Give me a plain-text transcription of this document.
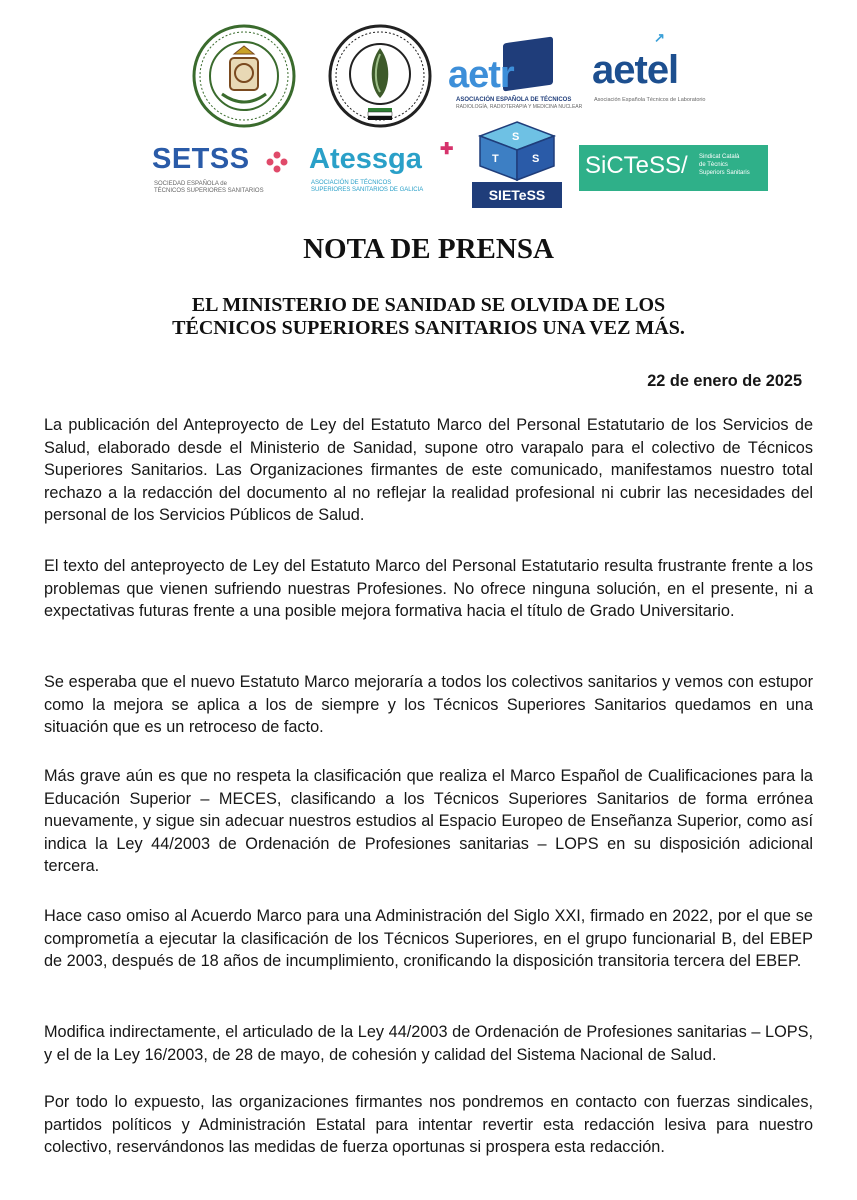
aetr
ASOCIACIÓN ESPAÑOLA DE TÉCNICOS
RADIOLOGÍA, RADIOTERAPIA Y MEDICINA NUCLEAR
↗
aetel
Asociación Española Técnicos de Laboratorio
SETSS
SOCIEDAD ESPAÑOLA de
TÉCNICOS SUPERIORES SANITARIOS
Atessga ✚
ASOCIACIÓN DE TÉCNICOS
SUPERIORES SANITARIOS DE GALICIA
S
T	S
SIETeSS
SiCTeSS/ Sindicat Català
de Tècnics
Superiors Sanitaris
NOTA DE PRENSA
EL MINISTERIO DE SANIDAD SE OLVIDA DE LOS
TÉCNICOS SUPERIORES SANITARIOS UNA VEZ MÁS.
22 de enero de 2025

La publicación del Anteproyecto de Ley del Estatuto Marco del Personal Estatutario de los Servicios de Salud, elaborado desde el Ministerio de Sanidad, supone otro varapalo para el colectivo de Técnicos Superiores Sanitarios. Las Organizaciones firmantes de este comunicado, manifestamos nuestro total rechazo a la redacción del documento al no reflejar la realidad profesional ni cubrir las necesidades del personal de los Servicios Públicos de Salud.

El texto del anteproyecto de Ley del Estatuto Marco del Personal Estatutario resulta frustrante frente a los problemas que vienen sufriendo nuestras Profesiones. No ofrece ninguna solución, en el presente, ni a expectativas futuras frente a una posible mejora formativa hacia el título de Grado Universitario.

Se esperaba que el nuevo Estatuto Marco mejoraría a todos los colectivos sanitarios y vemos con estupor como la mejora se aplica a los de siempre y los Técnicos Superiores Sanitarios quedamos en una situación que es un retroceso de facto.

Más grave aún es que no respeta la clasificación que realiza el Marco Español de Cualificaciones para la Educación Superior – MECES, clasificando a los Técnicos Superiores Sanitarios de forma errónea nuevamente, y sigue sin adecuar nuestros estudios al Espacio Europeo de Enseñanza Superior, como así indica la Ley 44/2003 de Ordenación de Profesiones sanitarias – LOPS en su disposición adicional tercera.

Hace caso omiso al Acuerdo Marco para una Administración del Siglo XXI, firmado en 2022, por el que se comprometía a ejecutar la clasificación de los Técnicos Superiores, en el grupo funcionarial B, del EBEP de 2003, después de 18 años de incumplimiento, cronificando la disposición transitoria tercera del EBEP.

Modifica indirectamente, el articulado de la Ley 44/2003 de Ordenación de Profesiones sanitarias – LOPS, y el de la Ley 16/2003, de 28 de mayo, de cohesión y calidad del Sistema Nacional de Salud.

Por todo lo expuesto, las organizaciones firmantes nos pondremos en contacto con fuerzas sindicales, partidos políticos y Administración Estatal para intentar revertir esta redacción lesiva para nuestro colectivo, reservándonos las medidas de fuerza oportunas si prospera esta redacción.
